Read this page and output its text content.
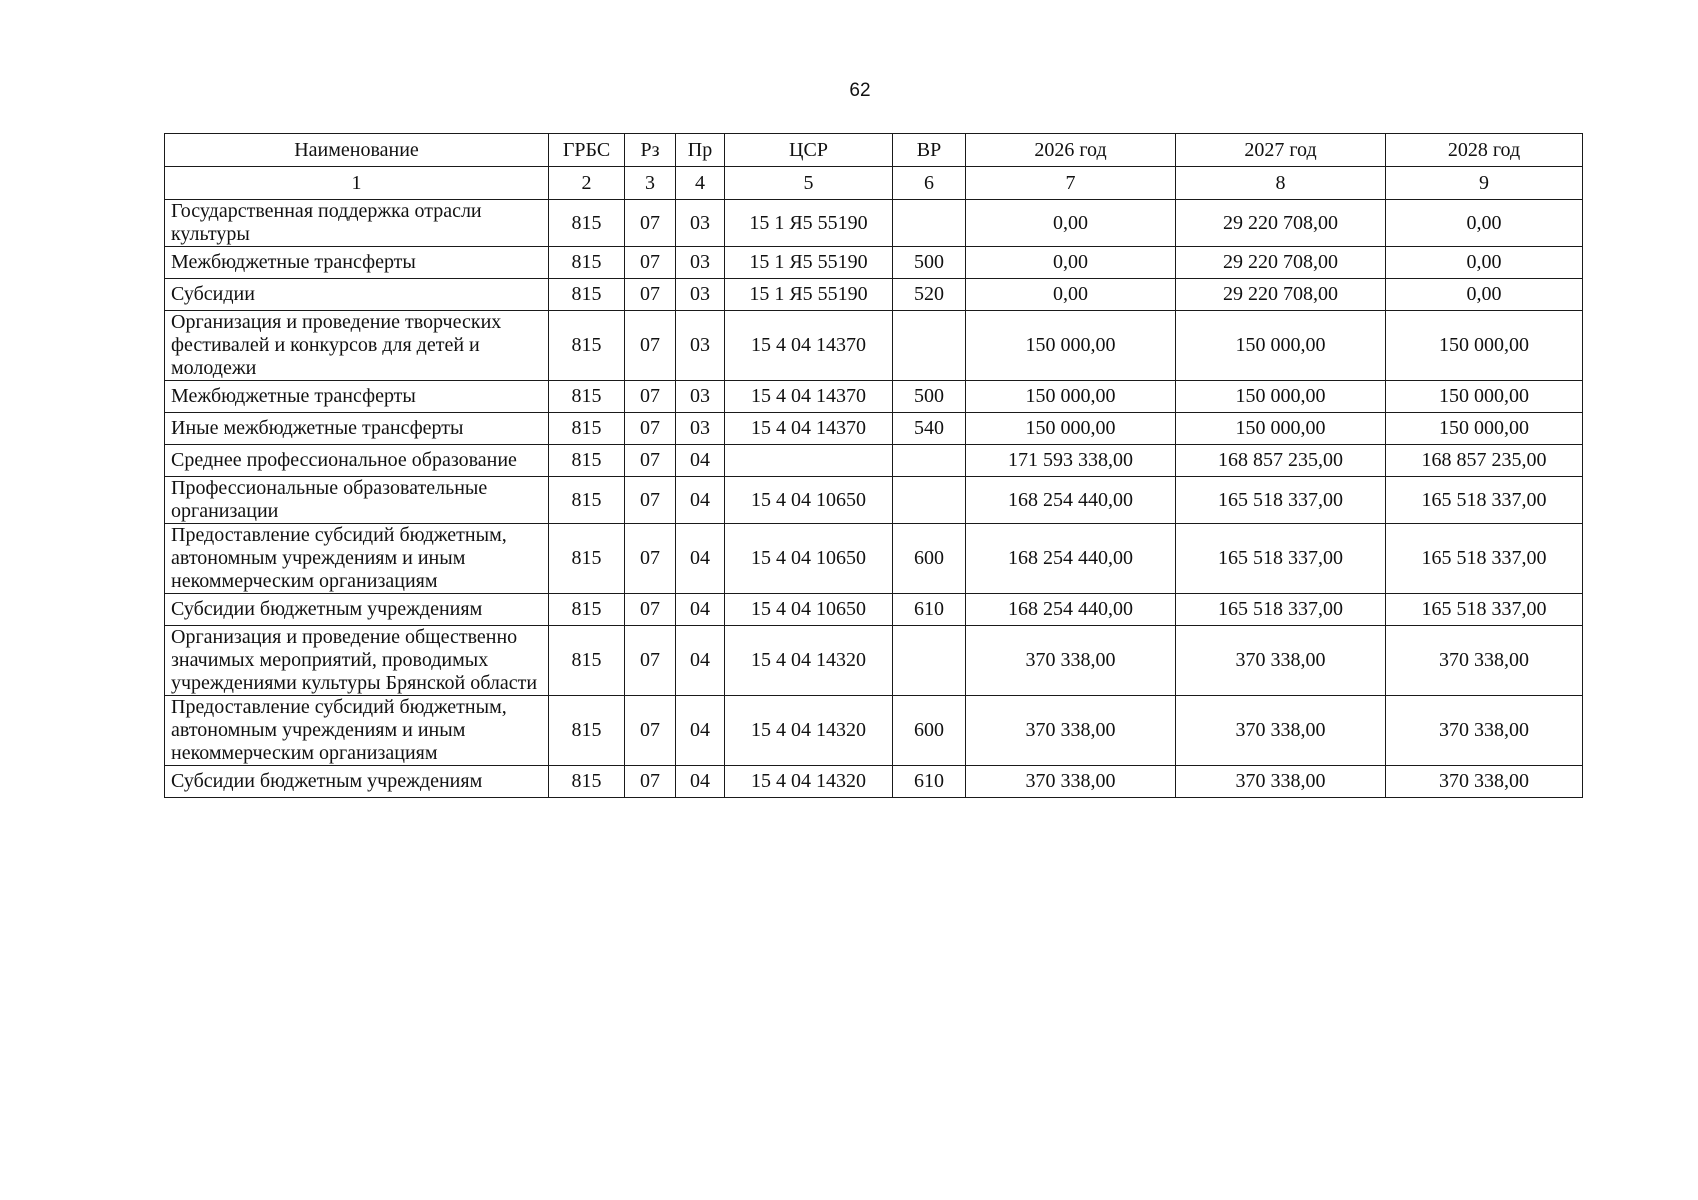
62
Наименование	ГРБС	Рз	Пр	ЦСР	ВР	2026 год	2027 год	2028 год
1	2	3	4	5	6	7	8	9
Государственная поддержка отрасли культуры	815	07	03	15 1 Я5 55190		0,00	29 220 708,00	0,00
Межбюджетные трансферты	815	07	03	15 1 Я5 55190	500	0,00	29 220 708,00	0,00
Субсидии	815	07	03	15 1 Я5 55190	520	0,00	29 220 708,00	0,00
Организация и проведение творческих фестивалей и конкурсов для детей и молодежи	815	07	03	15 4 04 14370		150 000,00	150 000,00	150 000,00
Межбюджетные трансферты	815	07	03	15 4 04 14370	500	150 000,00	150 000,00	150 000,00
Иные межбюджетные трансферты	815	07	03	15 4 04 14370	540	150 000,00	150 000,00	150 000,00
Среднее профессиональное образование	815	07	04			171 593 338,00	168 857 235,00	168 857 235,00
Профессиональные образовательные организации	815	07	04	15 4 04 10650		168 254 440,00	165 518 337,00	165 518 337,00
Предоставление субсидий бюджетным, автономным учреждениям и иным некоммерческим организациям	815	07	04	15 4 04 10650	600	168 254 440,00	165 518 337,00	165 518 337,00
Субсидии бюджетным учреждениям	815	07	04	15 4 04 10650	610	168 254 440,00	165 518 337,00	165 518 337,00
Организация и проведение общественно значимых мероприятий, проводимых учреждениями культуры Брянской области	815	07	04	15 4 04 14320		370 338,00	370 338,00	370 338,00
Предоставление субсидий бюджетным, автономным учреждениям и иным некоммерческим организациям	815	07	04	15 4 04 14320	600	370 338,00	370 338,00	370 338,00
Субсидии бюджетным учреждениям	815	07	04	15 4 04 14320	610	370 338,00	370 338,00	370 338,00
